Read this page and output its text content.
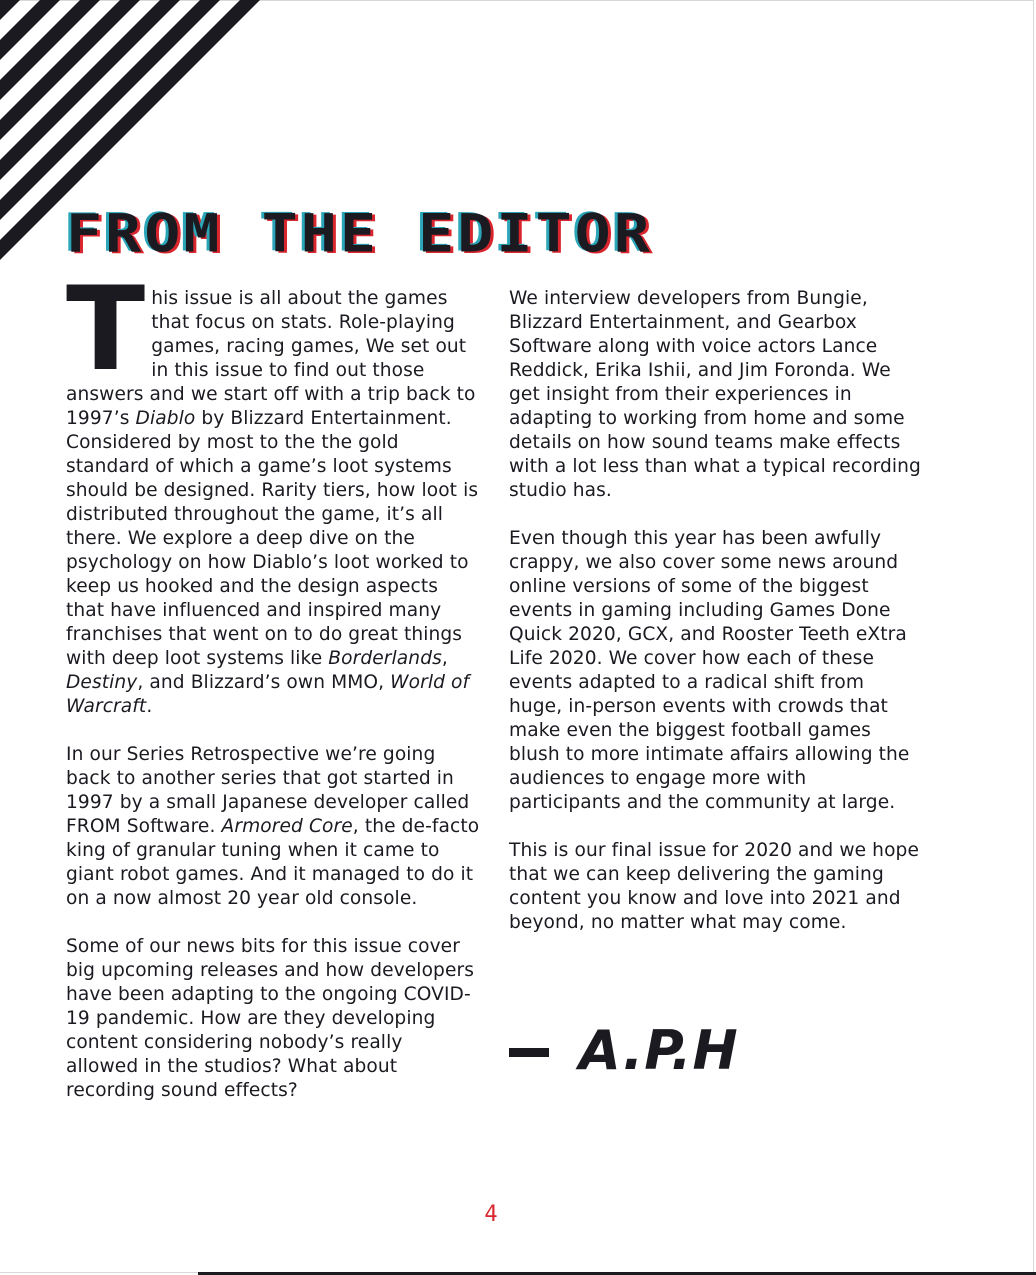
FROM THE EDITOR
T his issue is all about the games that focus on stats. Role-playing games, racing games, We set out in this issue to find out those answers and we start off with a trip back to 1997’s Diablo by Blizzard Entertainment. Considered by most to the the gold standard of which a game’s loot systems should be designed. Rarity tiers, how loot is distributed throughout the game, it’s all there. We explore a deep dive on the psychology on how Diablo’s loot worked to keep us hooked and the design aspects that have influenced and inspired many franchises that went on to do great things with deep loot systems like Borderlands, Destiny, and Blizzard’s own MMO, World of Warcraft.

In our Series Retrospective we’re going back to another series that got started in 1997 by a small Japanese developer called FROM Software. Armored Core, the de-facto king of granular tuning when it came to giant robot games. And it managed to do it on a now almost 20 year old console.

Some of our news bits for this issue cover big upcoming releases and how developers have been adapting to the ongoing COVID-19 pandemic. How are they developing content considering nobody’s really allowed in the studios? What about recording sound effects?

We interview developers from Bungie, Blizzard Entertainment, and Gearbox Software along with voice actors Lance Reddick, Erika Ishii, and Jim Foronda. We get insight from their experiences in adapting to working from home and some details on how sound teams make effects with a lot less than what a typical recording studio has.

Even though this year has been awfully crappy, we also cover some news around online versions of some of the biggest events in gaming including Games Done Quick 2020, GCX, and Rooster Teeth eXtra Life 2020. We cover how each of these events adapted to a radical shift from huge, in-person events with crowds that make even the biggest football games blush to more intimate affairs allowing the audiences to engage more with participants and the community at large.

This is our final issue for 2020 and we hope that we can keep delivering the gaming content you know and love into 2021 and beyond, no matter what may come.

A.P.H
4
